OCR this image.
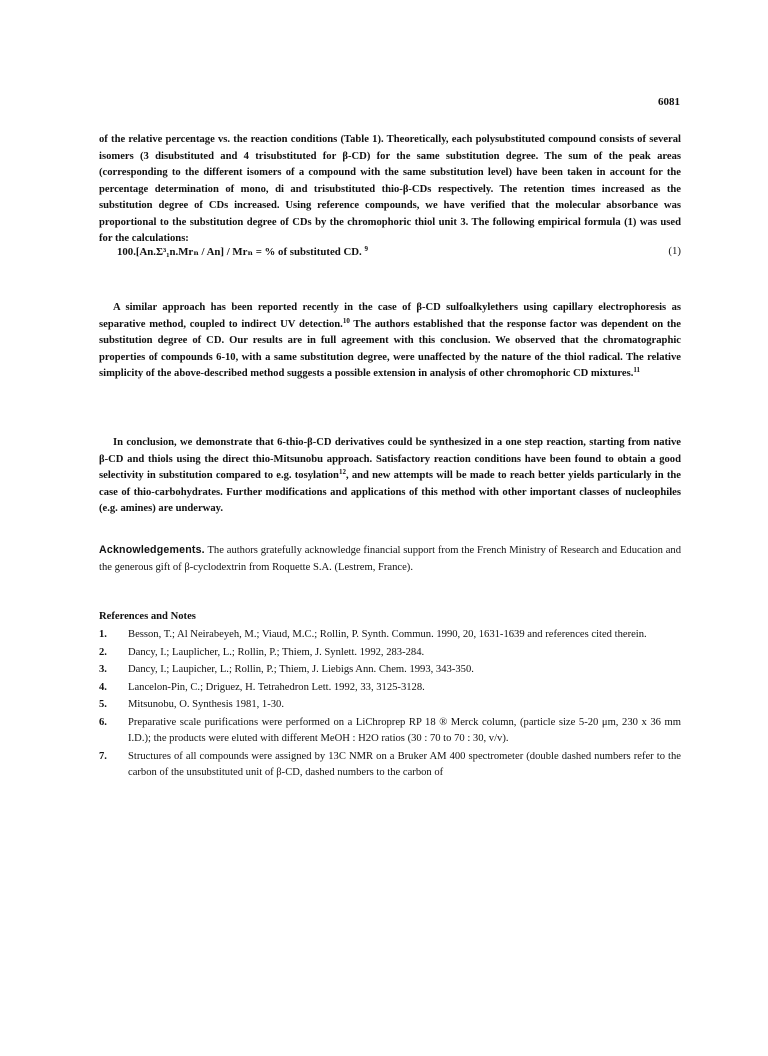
6081
of the relative percentage vs. the reaction conditions (Table 1). Theoretically, each polysubstituted compound consists of several isomers (3 disubstituted and 4 trisubstituted for β-CD) for the same substitution degree. The sum of the peak areas (corresponding to the different isomers of a compound with the same substitution level) have been taken in account for the percentage determination of mono, di and trisubstituted thio-β-CDs respectively. The retention times increased as the substitution degree of CDs increased. Using reference compounds, we have verified that the molecular absorbance was proportional to the substitution degree of CDs by the chromophoric thiol unit 3. The following empirical formula (1) was used for the calculations:
100.[An.Σ³₁n.Mrₙ / An] / Mrₙ = % of substituted CD. $^9$	(1)
A similar approach has been reported recently in the case of β-CD sulfoalkylethers using capillary electrophoresis as separative method, coupled to indirect UV detection.$^{10}$ The authors established that the response factor was dependent on the substitution degree of CD. Our results are in full agreement with this conclusion. We observed that the chromatographic properties of compounds 6-10, with a same substitution degree, were unaffected by the nature of the thiol radical. The relative simplicity of the above-described method suggests a possible extension in analysis of other chromophoric CD mixtures.$^{11}$
In conclusion, we demonstrate that 6-thio-β-CD derivatives could be synthesized in a one step reaction, starting from native β-CD and thiols using the direct thio-Mitsunobu approach. Satisfactory reaction conditions have been found to obtain a good selectivity in substitution compared to e.g. tosylation$^{12}$, and new attempts will be made to reach better yields particularly in the case of thio-carbohydrates. Further modifications and applications of this method with other important classes of nucleophiles (e.g. amines) are underway.
Acknowledgements. The authors gratefully acknowledge financial support from the French Ministry of Research and Education and the generous gift of β-cyclodextrin from Roquette S.A. (Lestrem, France).
References and Notes
1. Besson, T.; Al Neirabeyeh, M.; Viaud, M.C.; Rollin, P. Synth. Commun. 1990, 20, 1631-1639 and references cited therein.
2. Dancy, I.; Lauplicher, L.; Rollin, P.; Thiem, J. Synlett. 1992, 283-284.
3. Dancy, I.; Laupicher, L.; Rollin, P.; Thiem, J. Liebigs Ann. Chem. 1993, 343-350.
4. Lancelon-Pin, C.; Driguez, H. Tetrahedron Lett. 1992, 33, 3125-3128.
5. Mitsunobu, O. Synthesis 1981, 1-30.
6. Preparative scale purifications were performed on a LiChroprep RP 18 ® Merck column, (particle size 5-20 μm, 230 x 36 mm I.D.); the products were eluted with different MeOH : H2O ratios (30 : 70 to 70 : 30, v/v).
7. Structures of all compounds were assigned by 13C NMR on a Bruker AM 400 spectrometer (double dashed numbers refer to the carbon of the unsubstituted unit of β-CD, dashed numbers to the carbon of
